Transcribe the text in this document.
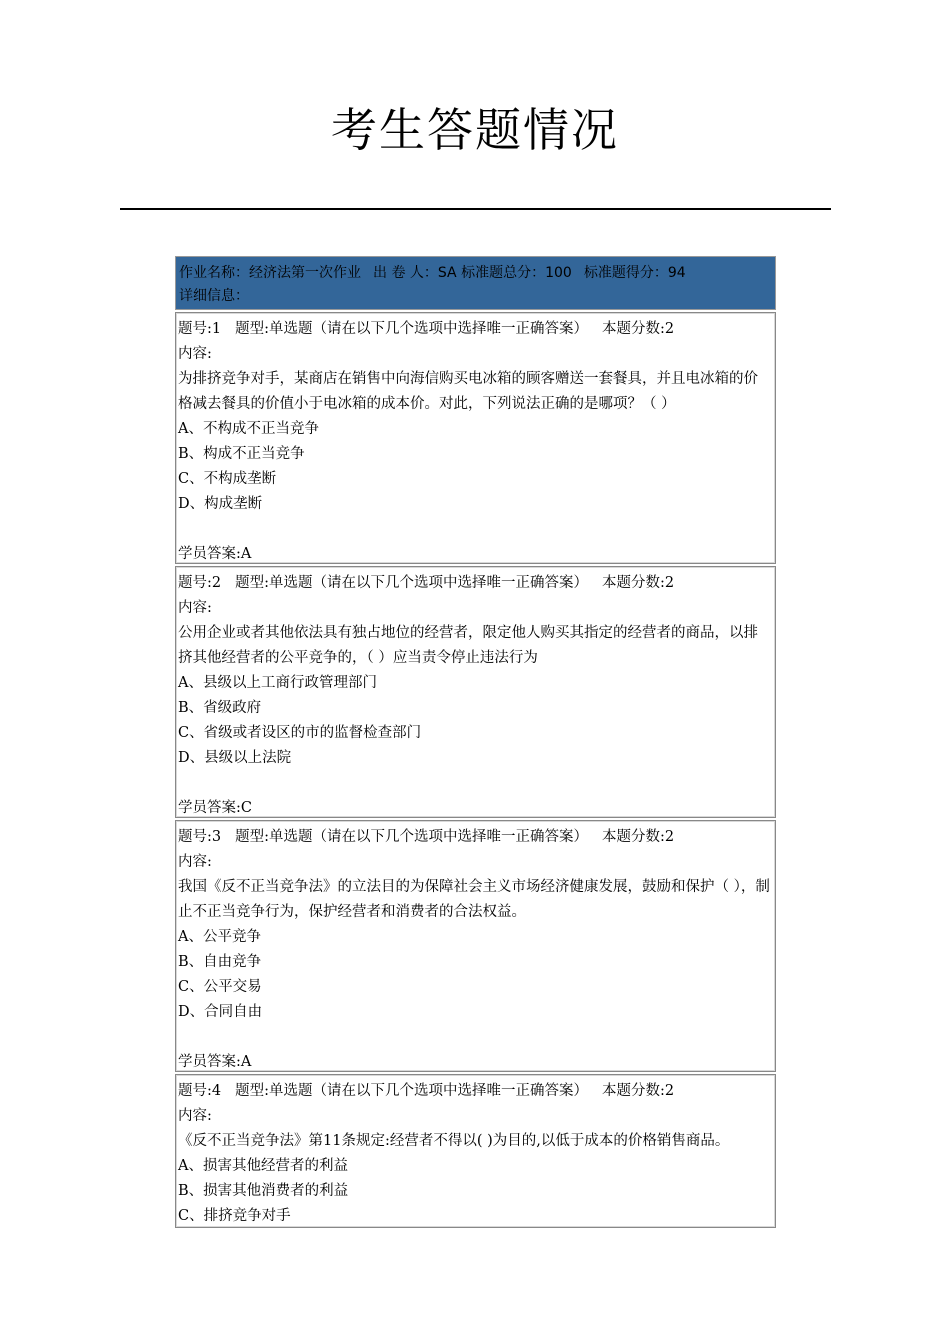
考生答题情况
作业名称：经济法第一次作业 出 卷 人：SA 标准题总分：100 标准题得分：94
详细信息：
题号:1 题型:单选题（请在以下几个选项中选择唯一正确答案） 本题分数:2
内容:
为排挤竞争对手，某商店在销售中向海信购买电冰箱的顾客赠送一套餐具，并且电冰箱的价格减去餐具的价值小于电冰箱的成本价。对此，下列说法正确的是哪项？（ ）
A、不构成不正当竞争
B、构成不正当竞争
C、不构成垄断
D、构成垄断
学员答案:A
题号:2 题型:单选题（请在以下几个选项中选择唯一正确答案） 本题分数:2
内容:
公用企业或者其他依法具有独占地位的经营者，限定他人购买其指定的经营者的商品，以排挤其他经营者的公平竞争的，（ ）应当责令停止违法行为
A、县级以上工商行政管理部门
B、省级政府
C、省级或者设区的市的监督检查部门
D、县级以上法院
学员答案:C
题号:3 题型:单选题（请在以下几个选项中选择唯一正确答案） 本题分数:2
内容:
我国《反不正当竞争法》的立法目的为保障社会主义市场经济健康发展，鼓励和保护（ ），制止不正当竞争行为，保护经营者和消费者的合法权益。
A、公平竞争
B、自由竞争
C、公平交易
D、合同自由
学员答案:A
题号:4 题型:单选题（请在以下几个选项中选择唯一正确答案） 本题分数:2
内容:
《反不正当竞争法》第11条规定:经营者不得以( )为目的,以低于成本的价格销售商品。
A、损害其他经营者的利益
B、损害其他消费者的利益
C、排挤竞争对手
